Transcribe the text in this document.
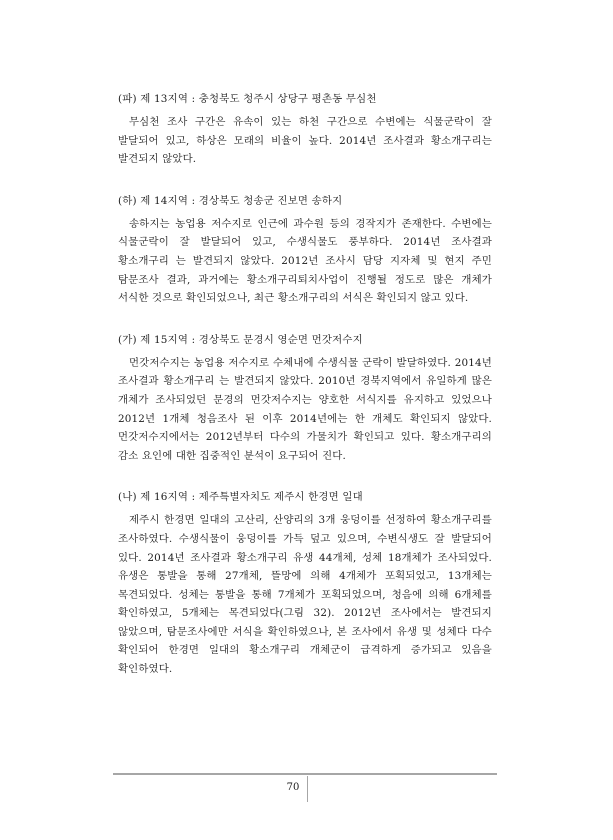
(파) 제 13지역 : 충청북도 청주시 상당구 평촌동 무심천

무심천 조사 구간은 유속이 있는 하천 구간으로 수변에는 식물군락이 잘 발달되어 있고, 하상은 모래의 비율이 높다. 2014년 조사결과 황소개구리는 발견되지 않았다.

(하) 제 14지역 : 경상북도 청송군 진보면 송하지

송하지는 농업용 저수지로 인근에 과수원 등의 경작지가 존재한다. 수변에는 식물군락이 잘 발달되어 있고, 수생식물도 풍부하다. 2014년 조사결과 황소개구리 는 발견되지 않았다. 2012년 조사시 담당 지자체 및 현지 주민 탐문조사 결과, 과거에는 황소개구리퇴치사업이 진행될 정도로 많은 개체가 서식한 것으로 확인되었으나, 최근 황소개구리의 서식은 확인되지 않고 있다.

(가) 제 15지역 : 경상북도 문경시 영순면 먼갓저수지

먼갓저수지는 농업용 저수지로 수체내에 수생식물 군락이 발달하였다. 2014년 조사결과 황소개구리 는 발견되지 않았다. 2010년 경북지역에서 유일하게 많은 개체가 조사되었던 문경의 먼갓저수지는 양호한 서식지를 유지하고 있었으나 2012년 1개체 청음조사 된 이후 2014년에는 한 개체도 확인되지 않았다. 먼갓저수지에서는 2012년부터 다수의 가물치가 확인되고 있다. 황소개구리의 감소 요인에 대한 집중적인 분석이 요구되어 진다.

(나) 제 16지역 : 제주특별자치도 제주시 한경면 일대

제주시 한경면 일대의 고산리, 산양리의 3개 웅덩이를 선정하여 황소개구리를 조사하였다. 수생식물이 웅덩이를 가득 덮고 있으며, 수변식생도 잘 발달되어 있다. 2014년 조사결과 황소개구리 유생 44개체, 성체 18개체가 조사되었다. 유생은 통발을 통해 27개체, 뜰망에 의해 4개체가 포획되었고, 13개체는 목견되었다. 성체는 통발을 통해 7개체가 포획되었으며, 청음에 의해 6개체를 확인하였고, 5개체는 목견되었다(그림 32). 2012년 조사에서는 발견되지 않았으며, 탐문조사에만 서식을 확인하였으나, 본 조사에서 유생 및 성체다 다수 확인되어 한경면 일대의 황소개구리 개체군이 급격하게 증가되고 있음을 확인하였다.

70
